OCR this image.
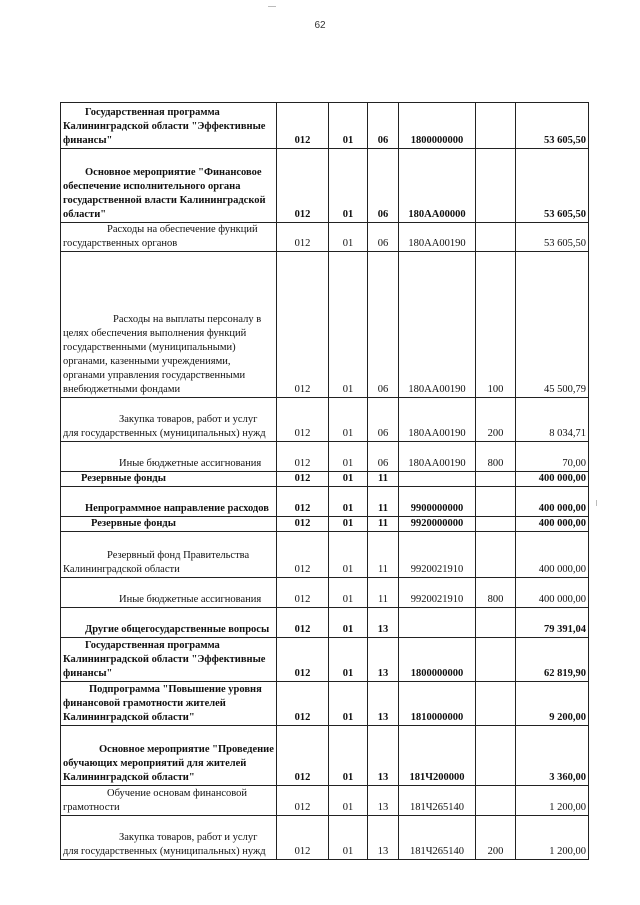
62
Государственная программа Калининградской области "Эффективные финансы"	012	01	06	1800000000		53 605,50
Основное мероприятие "Финансовое обеспечение исполнительного органа государственной власти Калининградской области"	012	01	06	180АА00000		53 605,50
Расходы на обеспечение функций государственных органов	012	01	06	180АА00190		53 605,50
Расходы на выплаты персоналу в целях обеспечения выполнения функций государственными (муниципальными) органами, казенными учреждениями, органами управления государственными внебюджетными фондами	012	01	06	180АА00190	100	45 500,79
Закупка товаров, работ и услуг для государственных (муниципальных) нужд	012	01	06	180АА00190	200	8 034,71
Иные бюджетные ассигнования	012	01	06	180АА00190	800	70,00
Резервные фонды	012	01	11			400 000,00
Непрограммное направление расходов	012	01	11	9900000000		400 000,00
Резервные фонды	012	01	11	9920000000		400 000,00
Резервный фонд Правительства Калининградской области	012	01	11	9920021910		400 000,00
Иные бюджетные ассигнования	012	01	11	9920021910	800	400 000,00
Другие общегосударственные вопросы	012	01	13			79 391,04
Государственная программа Калининградской области "Эффективные финансы"	012	01	13	1800000000		62 819,90
Подпрограмма "Повышение уровня финансовой грамотности жителей Калининградской области"	012	01	13	1810000000		9 200,00
Основное мероприятие "Проведение обучающих мероприятий для жителей Калининградской области"	012	01	13	181Ч200000		3 360,00
Обучение основам финансовой грамотности	012	01	13	181Ч265140		1 200,00
Закупка товаров, работ и услуг для государственных (муниципальных) нужд	012	01	13	181Ч265140	200	1 200,00
